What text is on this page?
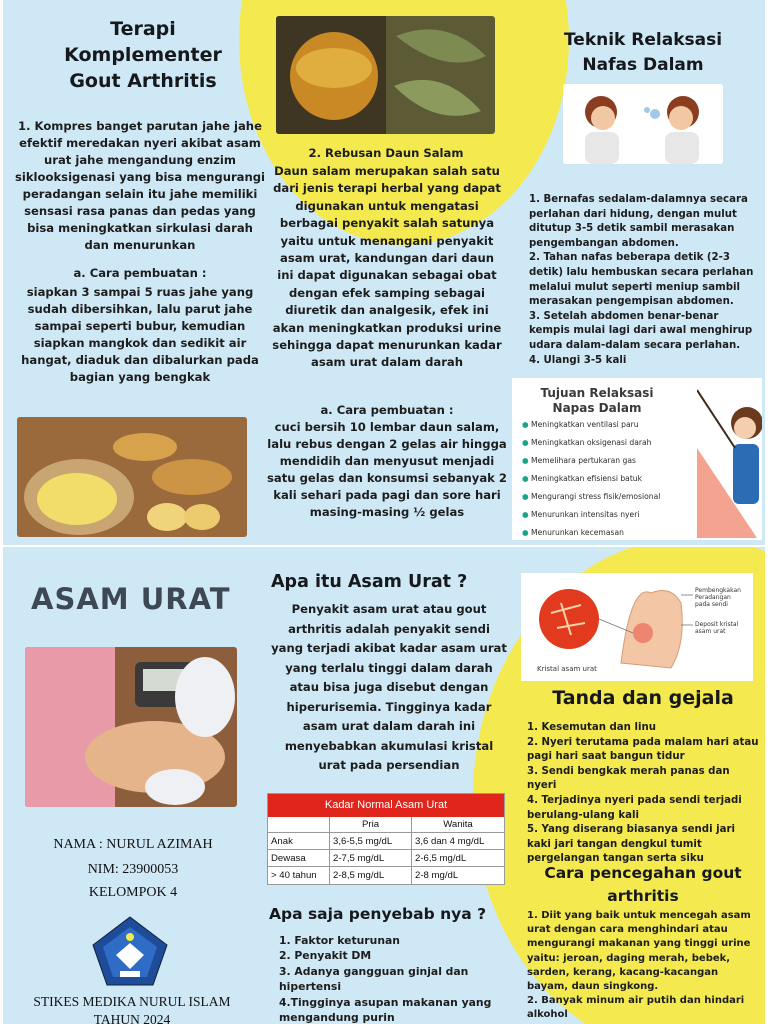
Terapi
Komplementer
Gout Arthritis
1. Kompres banget parutan jahe jahe efektif meredakan nyeri akibat asam urat jahe mengandung enzim siklooksigenasi yang bisa mengurangi peradangan selain itu jahe memiliki sensasi rasa panas dan pedas yang bisa meningkatkan sirkulasi darah dan menurunkan
a. Cara pembuatan :
siapkan 3 sampai 5 ruas jahe yang sudah dibersihkan, lalu parut jahe sampai seperti bubur, kemudian siapkan mangkok dan sedikit air hangat, diaduk dan dibalurkan pada bagian yang bengkak
2. Rebusan Daun Salam
Daun salam merupakan salah satu dari jenis terapi herbal yang dapat digunakan untuk mengatasi berbagai penyakit salah satunya yaitu untuk menangani penyakit asam urat, kandungan dari daun ini dapat digunakan sebagai obat dengan efek samping sebagai diuretik dan analgesik, efek ini akan meningkatkan produksi urine sehingga dapat menurunkan kadar asam urat dalam darah
a. Cara pembuatan :
cuci bersih 10 lembar daun salam, lalu rebus dengan 2 gelas air hingga mendidih dan menyusut menjadi satu gelas dan konsumsi sebanyak 2 kali sehari pada pagi dan sore hari masing-masing ½ gelas
Teknik Relaksasi
Nafas Dalam
1. Bernafas sedalam-dalamnya secara perlahan dari hidung, dengan mulut ditutup 3-5 detik sambil merasakan pengembangan abdomen.
2. Tahan nafas beberapa detik (2-3 detik) lalu hembuskan secara perlahan melalui mulut seperti meniup sambil merasakan pengempisan abdomen.
3. Setelah abdomen benar-benar kempis mulai lagi dari awal menghirup udara dalam-dalam secara perlahan.
4. Ulangi 3-5 kali
Tujuan Relaksasi
Napas Dalam
● Meningkatkan ventilasi paru
● Meningkatkan oksigenasi darah
● Memelihara pertukaran gas
● Meningkatkan efisiensi batuk
● Mengurangi stress fisik/emosional
● Menurunkan intensitas nyeri
● Menurunkan kecemasan
ASAM URAT
NAMA : NURUL AZIMAH
NIM: 23900053
KELOMPOK 4
STIKES MEDIKA NURUL ISLAM
TAHUN 2024
Apa itu Asam Urat ?
Penyakit asam urat atau gout arthritis adalah penyakit sendi yang terjadi akibat kadar asam urat yang terlalu tinggi dalam darah atau bisa juga disebut dengan hiperurisemia. Tingginya kadar asam urat dalam darah ini menyebabkan akumulasi kristal urat pada persendian
Kadar Normal Asam Urat
Pria	Wanita
Anak	3,6-5,5 mg/dL	3,6 dan 4 mg/dL
Dewasa	2-7,5 mg/dL	2-6,5 mg/dL
> 40 tahun	2-8,5 mg/dL	2-8 mg/dL
Apa saja penyebab nya ?
1. Faktor keturunan
2. Penyakit DM
3. Adanya gangguan ginjal dan hipertensi
4.Tingginya asupan makanan yang mengandung purin
Kristal asam urat
Pembengkakan
Peradangan
pada sendi
Deposit kristal
asam urat
Tanda dan gejala
1. Kesemutan dan linu
2. Nyeri terutama pada malam hari atau pagi hari saat bangun tidur
3. Sendi bengkak merah panas dan nyeri
4. Terjadinya nyeri pada sendi terjadi berulang-ulang kali
5. Yang diserang biasanya sendi jari kaki jari tangan dengkul tumit pergelangan tangan serta siku
Cara pencegahan gout
arthritis
1. Diit yang baik untuk mencegah asam urat dengan cara menghindari atau mengurangi makanan yang tinggi urine yaitu: jeroan, daging merah, bebek, sarden, kerang, kacang-kacangan bayam, daun singkong.
2. Banyak minum air putih dan hindari alkohol
